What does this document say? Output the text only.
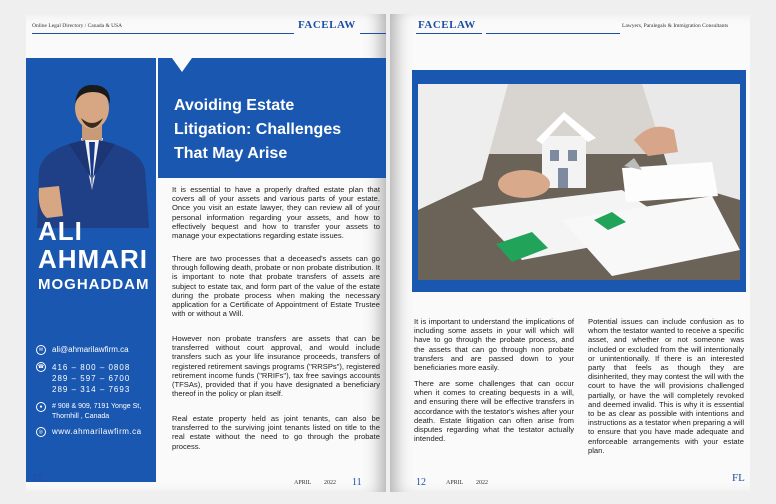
Online Legal Directory / Canada & USA	FACELAW
ALI
AHMARI
MOGHADDAM
✉	ali@ahmarilawfirm.ca
☎ 416 – 800 – 0808
289 – 597 – 6700
289 – 314 – 7693
●	# 908 & 909, 7191 Yonge St,
Thornhill , Canada
◎	www.ahmarilawfirm.ca
Avoiding Estate
Litigation: Challenges
That May Arise

It is essential to have a properly drafted estate plan that covers all of your assets and various parts of your estate. Once you visit an estate lawyer, they can review all of your personal information regarding your assets, and how to effectively bequest and how to transfer your assets to manage your expectations regarding estate issues.

There are two processes that a deceased's assets can go through following death, probate or non probate distribution. It is important to note that probate transfers of assets are subject to estate tax, and form part of the value of the estate during the probate process when making the necessary application for a Certificate of Appointment of Estate Trustee with or without a Will.

However non probate transfers are assets that can be transferred without court approval, and would include transfers such as your life insurance proceeds, transfers of registered retirement savings programs ("RRSPs"), registered retirement income funds ("RRIFs"), tax free savings accounts (TFSAs), provided that if you have designated a beneficiary thereof in the policy or plan itself.

Real estate property held as joint tenants, can also be transferred to the surviving joint tenants listed on title to the real estate without the need to go through the probate process.

FL	APRIL 2022 11
FACELAW	Lawyers, Paralegals & Immigration Consultants

It is important to understand the implications of including some assets in your will which will have to go through the probate process, and the assets that can go through non probate transfers and are passed down to your beneficiaries more easily.

There are some challenges that can occur when it comes to creating bequests in a will, and ensuring there will be effective transfers in accordance with the testator's wishes after your death. Estate litigation can often arise from disputes regarding what the testator actually intended.

Potential issues can include confusion as to whom the testator wanted to receive a specific asset, and whether or not someone was included or excluded from the will intentionally or unintentionally. If there is an interested party that feels as though they are disinherited, they may contest the will with the court to have the will provisions challenged partially, or have the will completely revoked and deemed invalid. This is why it is essential to be as clear as possible with intentions and instructions as a testator when preparing a will to ensure that you have made adequate and enforceable arrangements with your estate plan.

12	APRIL 2022	FL
